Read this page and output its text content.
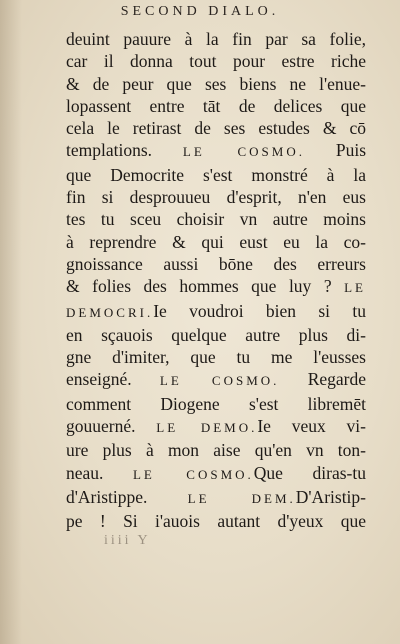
SECOND DIALO.
deuint pauure à la fin par sa folie,
car il donna tout pour estre riche
& de peur que ses biens ne l'enue-
lopassent entre tāt de delices que
cela le retirast de ses estudes & cō
templations. LE COSMO. Puis
que Democrite s'est monstré à la
fin si desprouueu d'esprit, n'en eus
tes tu sceu choisir vn autre moins
à reprendre & qui eust eu la co-
gnoissance aussi bōne des erreurs
& folies des hommes que luy ? LE
DEMOCRI.Ie voudroi bien si tu
en sçauois quelque autre plus di-
gne d'imiter, que tu me l'eusses
enseigné. LE COSMO. Regarde
comment Diogene s'est libremēt
gouuerné. LE DEMO.Ie veux vi-
ure plus à mon aise qu'en vn ton-
neau. LE COSMO.Que diras-tu
d'Aristippe. LE DEM.D'Aristip-
pe ! Si i'auois autant d'yeux que
iiii Y
